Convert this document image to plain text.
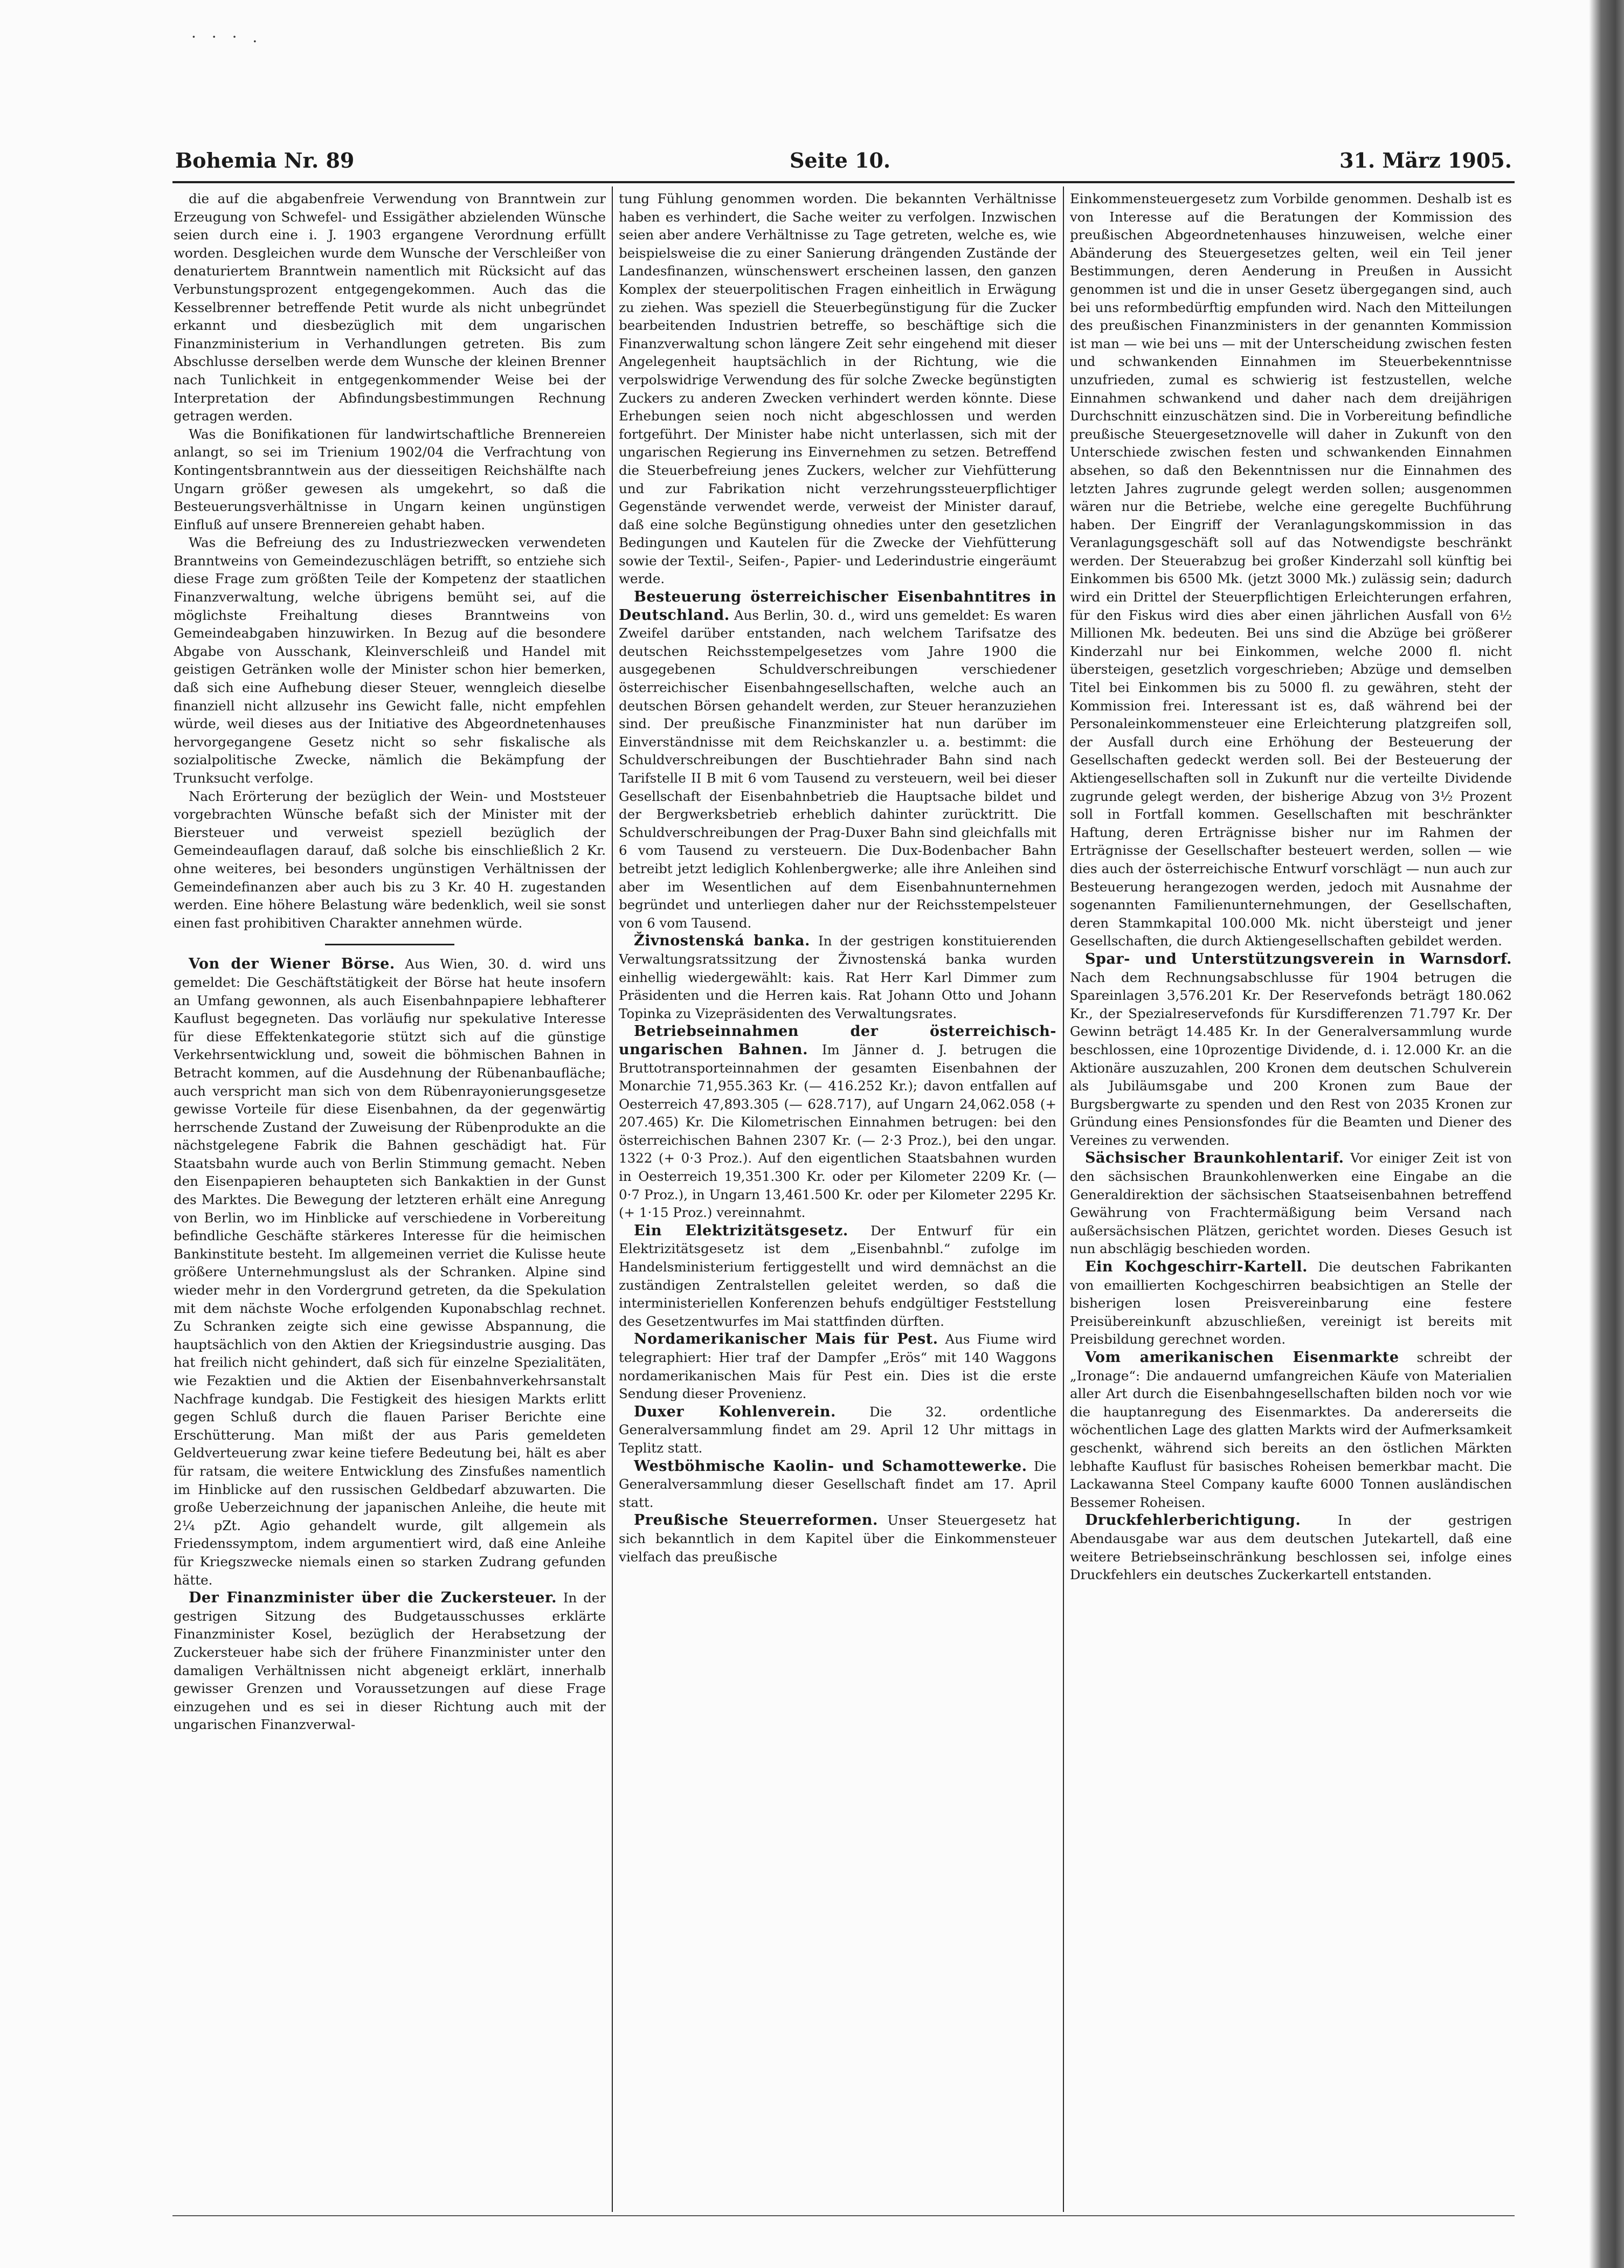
· · · .
Bohemia Nr. 89	Seite 10.	31. März 1905.

die auf die abgabenfreie Verwendung von Branntwein zur Erzeugung von Schwefel- und Essigäther abzielenden Wünsche seien durch eine i. J. 1903 ergangene Verordnung erfüllt worden. Desgleichen wurde dem Wunsche der Verschleißer von denaturiertem Branntwein namentlich mit Rücksicht auf das Verbunstungsprozent entgegengekommen. Auch das die Kesselbrenner betreffende Petit wurde als nicht unbegründet erkannt und diesbezüglich mit dem ungarischen Finanzministerium in Verhandlungen getreten. Bis zum Abschlusse derselben werde dem Wunsche der kleinen Brenner nach Tunlichkeit in entgegenkommender Weise bei der Interpretation der Abfindungsbestimmungen Rechnung getragen werden.

Was die Bonifikationen für landwirtschaftliche Brennereien anlangt, so sei im Trienium 1902/04 die Verfrachtung von Kontingentsbranntwein aus der diesseitigen Reichshälfte nach Ungarn größer gewesen als umgekehrt, so daß die Besteuerungsverhältnisse in Ungarn keinen ungünstigen Einfluß auf unsere Brennereien gehabt haben.

Was die Befreiung des zu Industriezwecken verwendeten Branntweins von Gemeindezuschlägen betrifft, so entziehe sich diese Frage zum größten Teile der Kompetenz der staatlichen Finanzverwaltung, welche übrigens bemüht sei, auf die möglichste Freihaltung dieses Branntweins von Gemeindeabgaben hinzuwirken. In Bezug auf die besondere Abgabe von Ausschank, Kleinverschleiß und Handel mit geistigen Getränken wolle der Minister schon hier bemerken, daß sich eine Aufhebung dieser Steuer, wenngleich dieselbe finanziell nicht allzusehr ins Gewicht falle, nicht empfehlen würde, weil dieses aus der Initiative des Abgeordnetenhauses hervorgegangene Gesetz nicht so sehr fiskalische als sozialpolitische Zwecke, nämlich die Bekämpfung der Trunksucht verfolge.

Nach Erörterung der bezüglich der Wein- und Moststeuer vorgebrachten Wünsche befaßt sich der Minister mit der Biersteuer und verweist speziell bezüglich der Gemeindeauflagen darauf, daß solche bis einschließlich 2 Kr. ohne weiteres, bei besonders ungünstigen Verhältnissen der Gemeindefinanzen aber auch bis zu 3 Kr. 40 H. zugestanden werden. Eine höhere Belastung wäre bedenklich, weil sie sonst einen fast prohibitiven Charakter annehmen würde.

Von der Wiener Börse. Aus Wien, 30. d. wird uns gemeldet: Die Geschäftstätigkeit der Börse hat heute insofern an Umfang gewonnen, als auch Eisenbahnpapiere lebhafterer Kauflust begegneten. Das vorläufig nur spekulative Interesse für diese Effektenkategorie stützt sich auf die günstige Verkehrsentwicklung und, soweit die böhmischen Bahnen in Betracht kommen, auf die Ausdehnung der Rübenanbaufläche; auch verspricht man sich von dem Rübenrayonierungsgesetze gewisse Vorteile für diese Eisenbahnen, da der gegenwärtig herrschende Zustand der Zuweisung der Rübenprodukte an die nächstgelegene Fabrik die Bahnen geschädigt hat. Für Staatsbahn wurde auch von Berlin Stimmung gemacht. Neben den Eisenpapieren behaupteten sich Bankaktien in der Gunst des Marktes. Die Bewegung der letzteren erhält eine Anregung von Berlin, wo im Hinblicke auf verschiedene in Vorbereitung befindliche Geschäfte stärkeres Interesse für die heimischen Bankinstitute besteht. Im allgemeinen verriet die Kulisse heute größere Unternehmungslust als der Schranken. Alpine sind wieder mehr in den Vordergrund getreten, da die Spekulation mit dem nächste Woche erfolgenden Kuponabschlag rechnet. Zu Schranken zeigte sich eine gewisse Abspannung, die hauptsächlich von den Aktien der Kriegsindustrie ausging. Das hat freilich nicht gehindert, daß sich für einzelne Spezialitäten, wie Fezaktien und die Aktien der Eisenbahnverkehrsanstalt Nachfrage kundgab. Die Festigkeit des hiesigen Markts erlitt gegen Schluß durch die flauen Pariser Berichte eine Erschütterung. Man mißt der aus Paris gemeldeten Geldverteuerung zwar keine tiefere Bedeutung bei, hält es aber für ratsam, die weitere Entwicklung des Zinsfußes namentlich im Hinblicke auf den russischen Geldbedarf abzuwarten. Die große Ueberzeichnung der japanischen Anleihe, die heute mit 2¼ pZt. Agio gehandelt wurde, gilt allgemein als Friedenssymptom, indem argumentiert wird, daß eine Anleihe für Kriegszwecke niemals einen so starken Zudrang gefunden hätte.

Der Finanzminister über die Zuckersteuer. In der gestrigen Sitzung des Budgetausschusses erklärte Finanzminister Kosel, bezüglich der Herabsetzung der Zuckersteuer habe sich der frühere Finanzminister unter den damaligen Verhältnissen nicht abgeneigt erklärt, innerhalb gewisser Grenzen und Voraussetzungen auf diese Frage einzugehen und es sei in dieser Richtung auch mit der ungarischen Finanzverwal-

tung Fühlung genommen worden. Die bekannten Verhältnisse haben es verhindert, die Sache weiter zu verfolgen. Inzwischen seien aber andere Verhältnisse zu Tage getreten, welche es, wie beispielsweise die zu einer Sanierung drängenden Zustände der Landesfinanzen, wünschenswert erscheinen lassen, den ganzen Komplex der steuerpolitischen Fragen einheitlich in Erwägung zu ziehen. Was speziell die Steuerbegünstigung für die Zucker bearbeitenden Industrien betreffe, so beschäftige sich die Finanzverwaltung schon längere Zeit sehr eingehend mit dieser Angelegenheit hauptsächlich in der Richtung, wie die verpolswidrige Verwendung des für solche Zwecke begünstigten Zuckers zu anderen Zwecken verhindert werden könnte. Diese Erhebungen seien noch nicht abgeschlossen und werden fortgeführt. Der Minister habe nicht unterlassen, sich mit der ungarischen Regierung ins Einvernehmen zu setzen. Betreffend die Steuerbefreiung jenes Zuckers, welcher zur Viehfütterung und zur Fabrikation nicht verzehrungssteuerpflichtiger Gegenstände verwendet werde, verweist der Minister darauf, daß eine solche Begünstigung ohnedies unter den gesetzlichen Bedingungen und Kautelen für die Zwecke der Viehfütterung sowie der Textil-, Seifen-, Papier- und Lederindustrie eingeräumt werde.

Besteuerung österreichischer Eisenbahntitres in Deutschland. Aus Berlin, 30. d., wird uns gemeldet: Es waren Zweifel darüber entstanden, nach welchem Tarifsatze des deutschen Reichsstempelgesetzes vom Jahre 1900 die ausgegebenen Schuldverschreibungen verschiedener österreichischer Eisenbahngesellschaften, welche auch an deutschen Börsen gehandelt werden, zur Steuer heranzuziehen sind. Der preußische Finanzminister hat nun darüber im Einverständnisse mit dem Reichskanzler u. a. bestimmt: die Schuldverschreibungen der Buschtiehrader Bahn sind nach Tarifstelle II B mit 6 vom Tausend zu versteuern, weil bei dieser Gesellschaft der Eisenbahnbetrieb die Hauptsache bildet und der Bergwerksbetrieb erheblich dahinter zurücktritt. Die Schuldverschreibungen der Prag-Duxer Bahn sind gleichfalls mit 6 vom Tausend zu versteuern. Die Dux-Bodenbacher Bahn betreibt jetzt lediglich Kohlenbergwerke; alle ihre Anleihen sind aber im Wesentlichen auf dem Eisenbahnunternehmen begründet und unterliegen daher nur der Reichsstempelsteuer von 6 vom Tausend.

Živnostenská banka. In der gestrigen konstituierenden Verwaltungsratssitzung der Živnostenská banka wurden einhellig wiedergewählt: kais. Rat Herr Karl Dimmer zum Präsidenten und die Herren kais. Rat Johann Otto und Johann Topinka zu Vizepräsidenten des Verwaltungsrates.

Betriebseinnahmen der österreichisch-ungarischen Bahnen. Im Jänner d. J. betrugen die Bruttotransporteinnahmen der gesamten Eisenbahnen der Monarchie 71,955.363 Kr. (— 416.252 Kr.); davon entfallen auf Oesterreich 47,893.305 (— 628.717), auf Ungarn 24,062.058 (+ 207.465) Kr. Die Kilometrischen Einnahmen betrugen: bei den österreichischen Bahnen 2307 Kr. (— 2·3 Proz.), bei den ungar. 1322 (+ 0·3 Proz.). Auf den eigentlichen Staatsbahnen wurden in Oesterreich 19,351.300 Kr. oder per Kilometer 2209 Kr. (— 0·7 Proz.), in Ungarn 13,461.500 Kr. oder per Kilometer 2295 Kr. (+ 1·15 Proz.) vereinnahmt.

Ein Elektrizitätsgesetz. Der Entwurf für ein Elektrizitätsgesetz ist dem „Eisenbahnbl.“ zufolge im Handelsministerium fertiggestellt und wird demnächst an die zuständigen Zentralstellen geleitet werden, so daß die interministeriellen Konferenzen behufs endgültiger Feststellung des Gesetzentwurfes im Mai stattfinden dürften.

Nordamerikanischer Mais für Pest. Aus Fiume wird telegraphiert: Hier traf der Dampfer „Erös“ mit 140 Waggons nordamerikanischen Mais für Pest ein. Dies ist die erste Sendung dieser Provenienz.

Duxer Kohlenverein.	Die 32. ordentliche Generalversammlung findet am 29. April 12 Uhr mittags in Teplitz statt.

Westböhmische Kaolin- und Schamottewerke. Die Generalversammlung dieser Gesellschaft findet am 17. April statt.

Preußische Steuerreformen. Unser Steuergesetz hat sich bekanntlich in dem Kapitel über die Einkommensteuer vielfach das preußische

Einkommensteuergesetz zum Vorbilde genommen. Deshalb ist es von Interesse auf die Beratungen der Kommission des preußischen Abgeordnetenhauses hinzuweisen, welche einer Abänderung des Steuergesetzes gelten, weil ein Teil jener Bestimmungen, deren Aenderung in Preußen in Aussicht genommen ist und die in unser Gesetz übergegangen sind, auch bei uns reformbedürftig empfunden wird. Nach den Mitteilungen des preußischen Finanzministers in der genannten Kommission ist man — wie bei uns — mit der Unterscheidung zwischen festen und schwankenden Einnahmen im Steuerbekenntnisse unzufrieden, zumal es schwierig ist festzustellen, welche Einnahmen schwankend und daher nach dem dreijährigen Durchschnitt einzuschätzen sind. Die in Vorbereitung befindliche preußische Steuergesetznovelle will daher in Zukunft von den Unterschiede zwischen festen und schwankenden Einnahmen absehen, so daß den Bekenntnissen nur die Einnahmen des letzten Jahres zugrunde gelegt werden sollen; ausgenommen wären nur die Betriebe, welche eine geregelte Buchführung haben. Der Eingriff der Veranlagungskommission in das Veranlagungsgeschäft soll auf das Notwendigste beschränkt werden. Der Steuerabzug bei großer Kinderzahl soll künftig bei Einkommen bis 6500 Mk. (jetzt 3000 Mk.) zulässig sein; dadurch wird ein Drittel der Steuerpflichtigen Erleichterungen erfahren, für den Fiskus wird dies aber einen jährlichen Ausfall von 6½ Millionen Mk. bedeuten. Bei uns sind die Abzüge bei größerer Kinderzahl nur bei Einkommen, welche 2000 fl. nicht übersteigen, gesetzlich vorgeschrieben; Abzüge und demselben Titel bei Einkommen bis zu 5000 fl. zu gewähren, steht der Kommission frei. Interessant ist es, daß während bei der Personaleinkommensteuer eine Erleichterung platzgreifen soll, der Ausfall durch eine Erhöhung der Besteuerung der Gesellschaften gedeckt werden soll. Bei der Besteuerung der Aktiengesellschaften soll in Zukunft nur die verteilte Dividende zugrunde gelegt werden, der bisherige Abzug von 3½ Prozent soll in Fortfall kommen. Gesellschaften mit beschränkter Haftung, deren Erträgnisse bisher nur im Rahmen der Erträgnisse der Gesellschafter besteuert werden, sollen — wie dies auch der österreichische Entwurf vorschlägt — nun auch zur Besteuerung herangezogen werden, jedoch mit Ausnahme der sogenannten Familienunternehmungen, der Gesellschaften, deren Stammkapital 100.000 Mk. nicht übersteigt und jener Gesellschaften, die durch Aktiengesellschaften gebildet werden.

Spar- und Unterstützungsverein in Warnsdorf. Nach dem Rechnungsabschlusse für 1904 betrugen die Spareinlagen 3,576.201 Kr. Der Reservefonds beträgt 180.062 Kr., der Spezialreservefonds für Kursdifferenzen 71.797 Kr. Der Gewinn beträgt 14.485 Kr. In der Generalversammlung wurde beschlossen, eine 10prozentige Dividende, d. i. 12.000 Kr. an die Aktionäre auszuzahlen, 200 Kronen dem deutschen Schulverein als Jubiläumsgabe und 200 Kronen zum Baue der Burgsbergwarte zu spenden und den Rest von 2035 Kronen zur Gründung eines Pensionsfondes für die Beamten und Diener des Vereines zu verwenden.

Sächsischer Braunkohlentarif. Vor einiger Zeit ist von den sächsischen Braunkohlenwerken eine Eingabe an die Generaldirektion der sächsischen Staatseisenbahnen betreffend Gewährung von Frachtermäßigung beim Versand nach außersächsischen Plätzen, gerichtet worden. Dieses Gesuch ist nun abschlägig beschieden worden.

Ein Kochgeschirr-Kartell. Die deutschen Fabrikanten von emaillierten Kochgeschirren beabsichtigen an Stelle der bisherigen losen Preisvereinbarung eine festere Preisübereinkunft abzuschließen, vereinigt ist bereits mit Preisbildung gerechnet worden.

Vom amerikanischen Eisenmarkte schreibt der „Ironage“: Die andauernd umfangreichen Käufe von Materialien aller Art durch die Eisenbahngesellschaften bilden noch vor wie die hauptanregung des Eisenmarktes. Da andererseits die wöchentlichen Lage des glatten Markts wird der Aufmerksamkeit geschenkt, während sich bereits an den östlichen Märkten lebhafte Kauflust für basisches Roheisen bemerkbar macht. Die Lackawanna Steel Company kaufte 6000 Tonnen ausländischen Bessemer Roheisen.

Druckfehlerberichtigung.	In der gestrigen Abendausgabe war aus dem deutschen Jutekartell, daß eine weitere Betriebseinschränkung beschlossen sei, infolge eines Druckfehlers ein deutsches Zuckerkartell entstanden.
